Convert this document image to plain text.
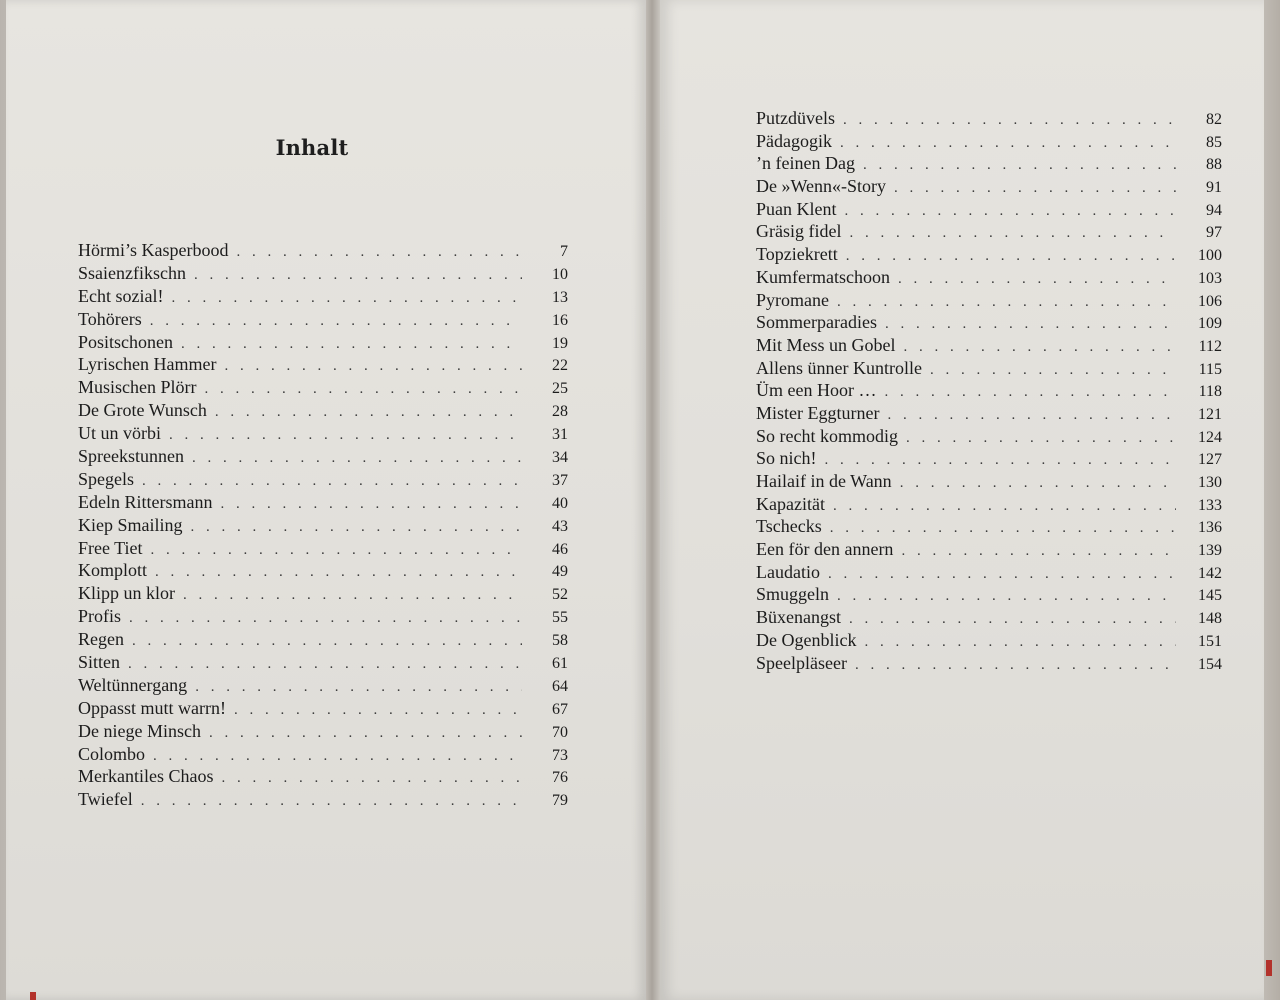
Inhalt
Hörmi’s Kasperbood . . .	7
Ssaienzfikschn . . .	10
Echt sozial! . . .	13
Tohörers . . .	16
Positschonen . . .	19
Lyrischen Hammer . . .	22
Musischen Plörr . . .	25
De Grote Wunsch . . .	28
Ut un vörbi . . .	31
Spreekstunnen . . .	34
Spegels . . .	37
Edeln Rittersmann . . .	40
Kiep Smailing . . .	43
Free Tiet . . .	46
Komplott . . .	49
Klipp un klor . . .	52
Profis . . .	55
Regen . . .	58
Sitten . . .	61
Weltünnergang . . .	64
Oppasst mutt warrn! . . .	67
De niege Minsch . . .	70
Colombo . . .	73
Merkantiles Chaos . . .	76
Twiefel . . .	79
Putzdüvels . . .	82
Pädagogik . . .	85
’n feinen Dag . . .	88
De »Wenn«-Story . . .	91
Puan Klent . . .	94
Gräsig fidel . . .	97
Topziekrett . . .	100
Kumfermatschoon . . .	103
Pyromane . . .	106
Sommerparadies . . .	109
Mit Mess un Gobel . . .	112
Allens ünner Kuntrolle . . .	115
Üm een Hoor … . . .	118
Mister Eggturner . . .	121
So recht kommodig . . .	124
So nich! . . .	127
Hailaif in de Wann . . .	130
Kapazität . . .	133
Tschecks . . .	136
Een för den annern . . .	139
Laudatio . . .	142
Smuggeln . . .	145
Büxenangst . . .	148
De Ogenblick . . .	151
Speelpläseer . . .	154
